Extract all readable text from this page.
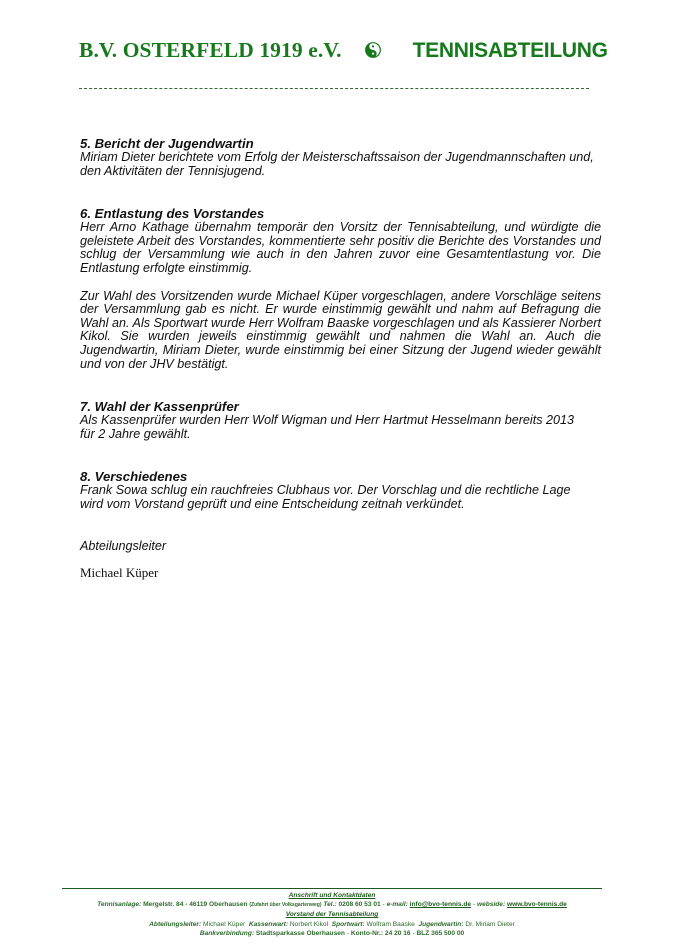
B.V. OSTERFELD 1919 e.V.	TENNISABTEILUNG
5. Bericht der Jugendwartin

Miriam Dieter berichtete vom Erfolg der Meisterschaftssaison der Jugendmannschaften und, den Aktivitäten der Tennisjugend.

6. Entlastung des Vorstandes

Herr Arno Kathage übernahm temporär den Vorsitz der Tennisabteilung, und würdigte die geleistete Arbeit des Vorstandes, kommentierte sehr positiv die Berichte des Vorstandes und schlug der Versammlung wie auch in den Jahren zuvor eine Gesamtentlastung vor. Die Entlastung erfolgte einstimmig.

Zur Wahl des Vorsitzenden wurde Michael Küper vorgeschlagen, andere Vorschläge seitens der Versammlung gab es nicht. Er wurde einstimmig gewählt und nahm auf Befragung die Wahl an. Als Sportwart wurde Herr Wolfram Baaske vorgeschlagen und als Kassierer Norbert Kikol. Sie wurden jeweils einstimmig gewählt und nahmen die Wahl an. Auch die Jugendwartin, Miriam Dieter, wurde einstimmig bei einer Sitzung der Jugend wieder gewählt und von der JHV bestätigt.

7. Wahl der Kassenprüfer

Als Kassenprüfer wurden Herr Wolf Wigman und Herr Hartmut Hesselmann bereits 2013

für 2 Jahre gewählt.

8. Verschiedenes

Frank Sowa schlug ein rauchfreies Clubhaus vor. Der Vorschlag und die rechtliche Lage wird vom Vorstand geprüft und eine Entscheidung zeitnah verkündet.

Abteilungsleiter

Michael Küper
Anschrift und Kontaktdaten
Tennisanlage: Mergelstr. 84 - 46119 Oberhausen (Zufahrt über Volksgartenweg) Tel.: 0208 60 53 01 - e-mail: info@bvo-tennis.de - webside: www.bvo-tennis.de
Vorstand der Tennisabteilung
Abteilungsleiter: Michael Küper Kassenwart: Norbert Kikol Sportwart: Wolfram Baaske Jugendwartin: Dr. Miriam Dieter
Bankverbindung: Stadtsparkasse Oberhausen - Konto-Nr.: 24 20 16 - BLZ 365 500 00
